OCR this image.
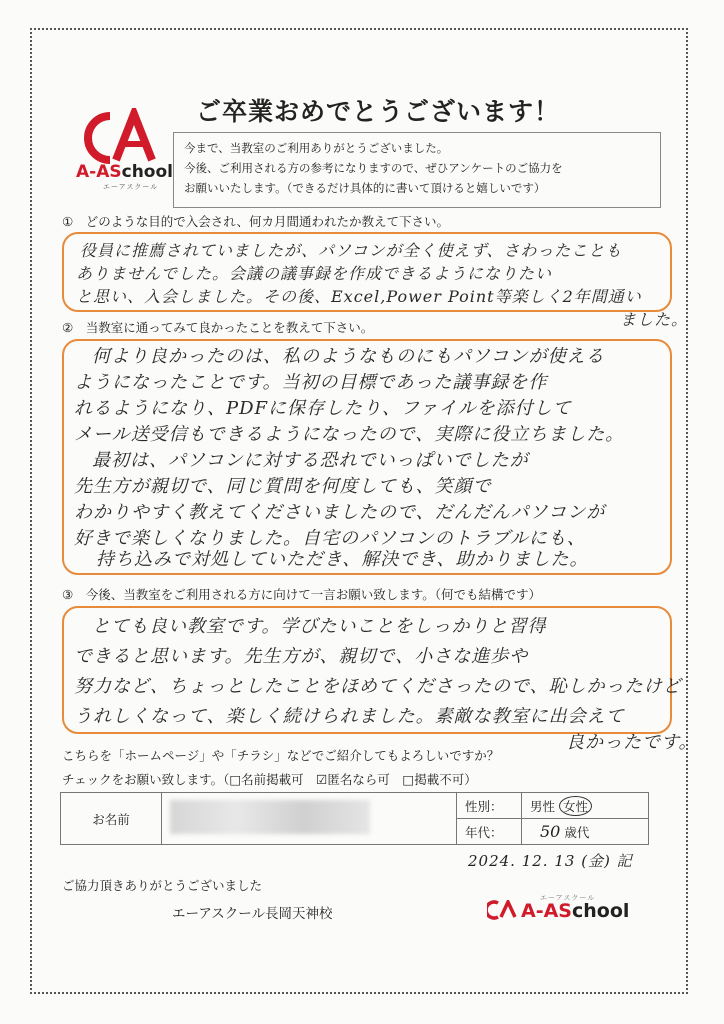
A-ASchool
エーアスクール
ご卒業おめでとうございます！
今まで、当教室のご利用ありがとうございました。
今後、ご利用される方の参考になりますので、ぜひアンケートのご協力を
お願いいたします。（できるだけ具体的に書いて頂けると嬉しいです）
①　どのような目的で入会され、何カ月間通われたか教えて下さい。
役員に推薦されていましたが、パソコンが全く使えず、さわったことも
ありませんでした。会議の議事録を作成できるようになりたい
と思い、入会しました。その後、Excel,Power Point等楽しく2年間通い
ました。
②　当教室に通ってみて良かったことを教えて下さい。
何より良かったのは、私のようなものにもパソコンが使える
ようになったことです。当初の目標であった議事録を作
れるようになり、PDFに保存したり、ファイルを添付して
メール送受信もできるようになったので、実際に役立ちました。
最初は、パソコンに対する恐れでいっぱいでしたが
先生方が親切で、同じ質問を何度しても、笑顔で
わかりやすく教えてくださいましたので、だんだんパソコンが
好きで楽しくなりました。自宅のパソコンのトラブルにも、
持ち込みで対処していただき、解決でき、助かりました。
③　今後、当教室をご利用される方に向けて一言お願い致します。（何でも結構です）
とても良い教室です。学びたいことをしっかりと習得
できると思います。先生方が、親切で、小さな進歩や
努力など、ちょっとしたことをほめてくださったので、恥しかったけど
うれしくなって、楽しく続けられました。素敵な教室に出会えて
良かったです。
こちらを「ホームページ」や「チラシ」などでご紹介してもよろしいですか？
チェックをお願い致します。（□名前掲載可　☑匿名なら可　□掲載不可）
お名前		性別：	男性 女性
		年代：	50 歳代
2024. 12. 13 (金) 記
ご協力頂きありがとうございました
エーアスクール長岡天神校
エーアスクール
A-ASchool
